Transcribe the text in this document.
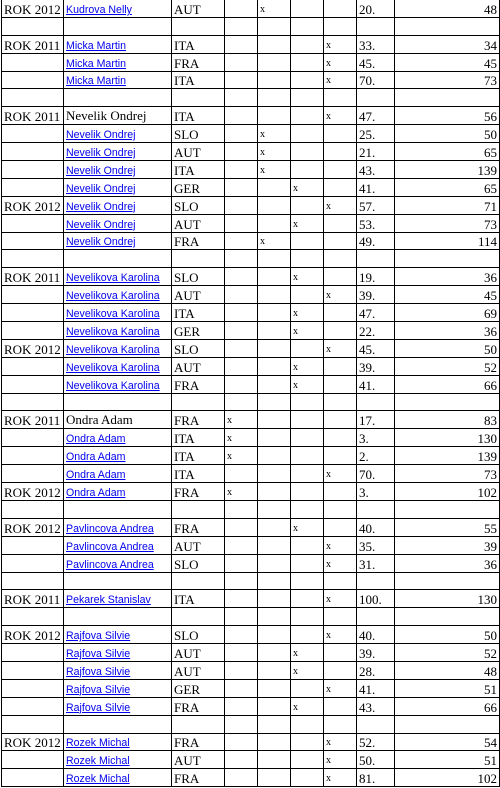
ROK 2012	Kudrova Nelly	AUT		x			20.	48

ROK 2011	Micka Martin	ITA				x	33.	34
	Micka Martin	FRA				x	45.	45
	Micka Martin	ITA				x	70.	73

ROK 2011	Nevelik Ondrej	ITA				x	47.	56
	Nevelik Ondrej	SLO		x			25.	50
	Nevelik Ondrej	AUT		x			21.	65
	Nevelik Ondrej	ITA		x			43.	139
	Nevelik Ondrej	GER			x		41.	65
ROK 2012	Nevelik Ondrej	SLO				x	57.	71
	Nevelik Ondrej	AUT			x		53.	73
	Nevelik Ondrej	FRA		x			49.	114

ROK 2011	Nevelikova Karolina	SLO			x		19.	36
	Nevelikova Karolina	AUT				x	39.	45
	Nevelikova Karolina	ITA			x		47.	69
	Nevelikova Karolina	GER			x		22.	36
ROK 2012	Nevelikova Karolina	SLO				x	45.	50
	Nevelikova Karolina	AUT			x		39.	52
	Nevelikova Karolina	FRA			x		41.	66

ROK 2011	Ondra Adam	FRA	x				17.	83
	Ondra Adam	ITA	x				3.	130
	Ondra Adam	ITA	x				2.	139
	Ondra Adam	ITA				x	70.	73
ROK 2012	Ondra Adam	FRA	x				3.	102

ROK 2012	Pavlincova Andrea	FRA			x		40.	55
	Pavlincova Andrea	AUT				x	35.	39
	Pavlincova Andrea	SLO				x	31.	36

ROK 2011	Pekarek Stanislav	ITA				x	100.	130

ROK 2012	Rajfova Silvie	SLO				x	40.	50
	Rajfova Silvie	AUT			x		39.	52
	Rajfova Silvie	AUT			x		28.	48
	Rajfova Silvie	GER				x	41.	51
	Rajfova Silvie	FRA			x		43.	66

ROK 2012	Rozek Michal	FRA				x	52.	54
	Rozek Michal	AUT				x	50.	51
	Rozek Michal	FRA				x	81.	102
